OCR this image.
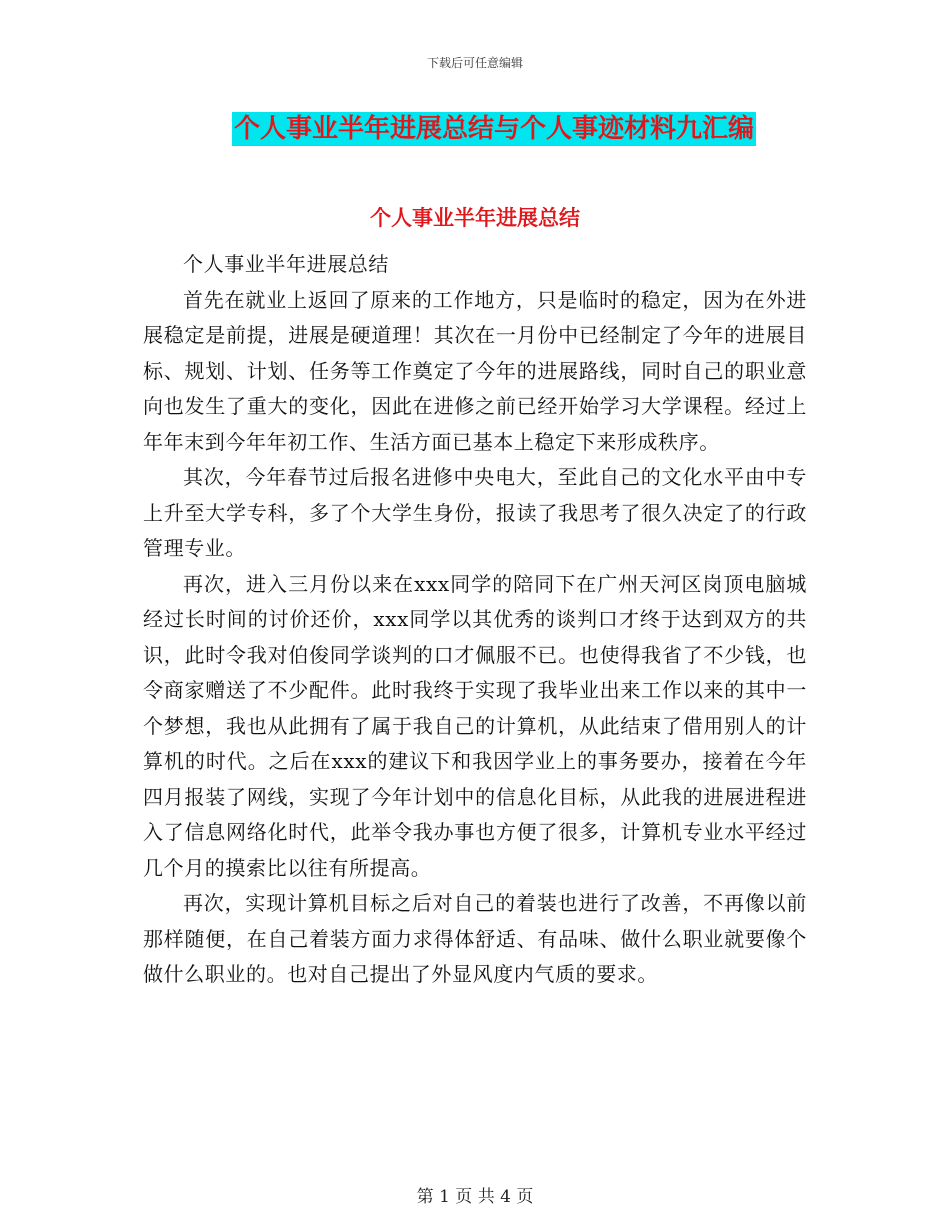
下载后可任意编辑
个人事业半年进展总结与个人事迹材料九汇编
个人事业半年进展总结

个人事业半年进展总结

首先在就业上返回了原来的工作地方，只是临时的稳定，因为在外进展稳定是前提，进展是硬道理！其次在一月份中已经制定了今年的进展目标、规划、计划、任务等工作奠定了今年的进展路线，同时自己的职业意向也发生了重大的变化，因此在进修之前已经开始学习大学课程。经过上年年末到今年年初工作、生活方面已基本上稳定下来形成秩序。

其次，今年春节过后报名进修中央电大，至此自己的文化水平由中专上升至大学专科，多了个大学生身份，报读了我思考了很久决定了的行政管理专业。

再次，进入三月份以来在xxx同学的陪同下在广州天河区岗顶电脑城经过长时间的讨价还价，xxx同学以其优秀的谈判口才终于达到双方的共识，此时令我对伯俊同学谈判的口才佩服不已。也使得我省了不少钱，也令商家赠送了不少配件。此时我终于实现了我毕业出来工作以来的其中一个梦想，我也从此拥有了属于我自己的计算机，从此结束了借用别人的计算机的时代。之后在xxx的建议下和我因学业上的事务要办，接着在今年四月报装了网线，实现了今年计划中的信息化目标，从此我的进展进程进入了信息网络化时代，此举令我办事也方便了很多，计算机专业水平经过几个月的摸索比以往有所提高。

再次，实现计算机目标之后对自己的着装也进行了改善，不再像以前那样随便，在自己着装方面力求得体舒适、有品味、做什么职业就要像个做什么职业的。也对自己提出了外显风度内气质的要求。

第 1 页 共 4 页
